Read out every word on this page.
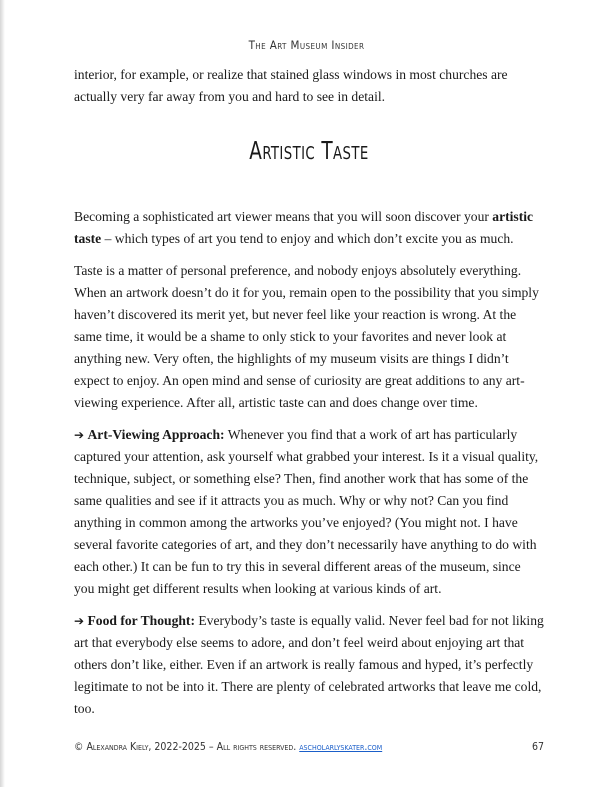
The Art Museum Insider

interior, for example, or realize that stained glass windows in most churches are actually very far away from you and hard to see in detail.

Artistic Taste

Becoming a sophisticated art viewer means that you will soon discover your artistic taste – which types of art you tend to enjoy and which don’t excite you as much.

Taste is a matter of personal preference, and nobody enjoys absolutely everything. When an artwork doesn’t do it for you, remain open to the possibility that you simply haven’t discovered its merit yet, but never feel like your reaction is wrong. At the same time, it would be a shame to only stick to your favorites and never look at anything new. Very often, the highlights of my museum visits are things I didn’t expect to enjoy. An open mind and sense of curiosity are great additions to any art-viewing experience. After all, artistic taste can and does change over time.

➔ Art-Viewing Approach: Whenever you find that a work of art has particularly captured your attention, ask yourself what grabbed your interest. Is it a visual quality, technique, subject, or something else? Then, find another work that has some of the same qualities and see if it attracts you as much. Why or why not? Can you find anything in common among the artworks you’ve enjoyed? (You might not. I have several favorite categories of art, and they don’t necessarily have anything to do with each other.) It can be fun to try this in several different areas of the museum, since you might get different results when looking at various kinds of art.

➔ Food for Thought: Everybody’s taste is equally valid. Never feel bad for not liking art that everybody else seems to adore, and don’t feel weird about enjoying art that others don’t like, either. Even if an artwork is really famous and hyped, it’s perfectly legitimate to not be into it. There are plenty of celebrated artworks that leave me cold, too.

© Alexandra Kiely, 2022-2025 – All rights reserved. ascholarlyskater.com	67
